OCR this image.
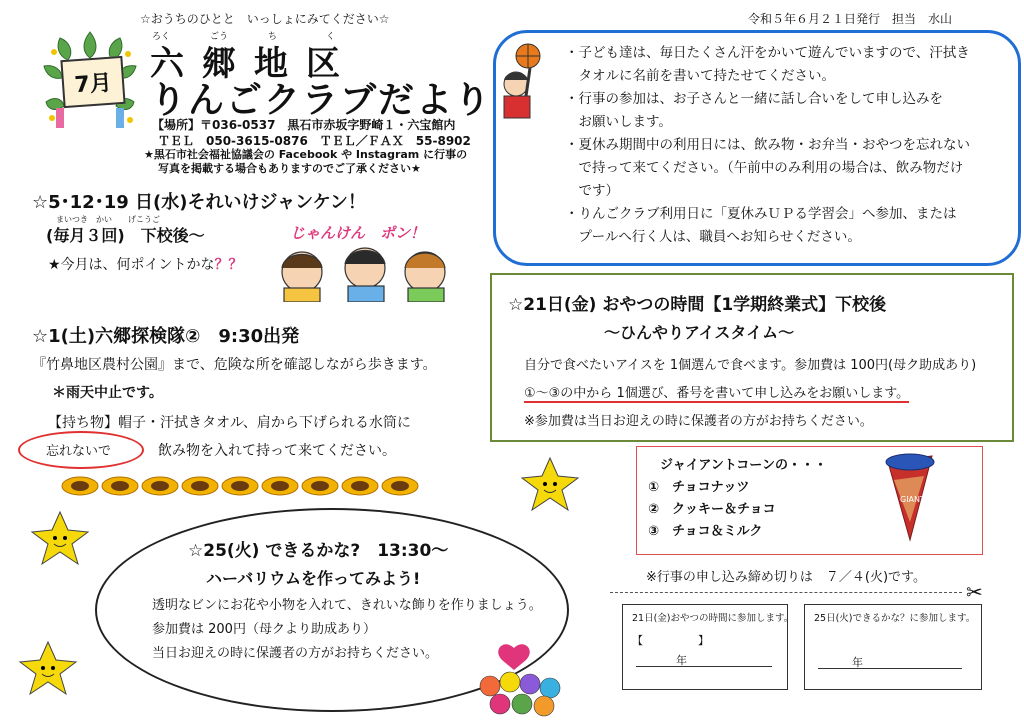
☆おうちのひとと　いっしょにみてください☆	令和５年６月２１日発行　担当　水山
7月
ろく	ごう	ち	く
六郷地区
りんごクラブだより
【場所】〒036-0537　黒石市赤坂字野崎１・六宝館内
ＴＥＬ　050-3615-0876　ＴＥＬ／ＦＡＸ　55-8902
★黒石市社会福祉協議会の Facebook や Instagram に行事の
写真を掲載する場合もありますのでご了承ください★
・子ども達は、毎日たくさん汗をかいて遊んでいますので、汗拭き
　タオルに名前を書いて持たせてください。
・行事の参加は、お子さんと一緒に話し合いをして申し込みを
　お願いします。
・夏休み期間中の利用日には、飲み物・お弁当・おやつを忘れない
　で持って来てください。（午前中のみ利用の場合は、飲み物だけ
　です）
・りんごクラブ利用日に「夏休みＵＰる学習会」へ参加、または
　プールへ行く人は、職員へお知らせください。
☆5･12･19 日(水)それいけジャンケン！
まいつき　かい　　げこうご
(毎月３回)　下校後～
★今月は、何ポイントかな？？
じゃんけん　ポン！
☆1(土)六郷探検隊②　9:30出発
『竹鼻地区農村公園』まで、危険な所を確認しながら歩きます。
＊雨天中止です。
【持ち物】帽子・汗拭きタオル、肩から下げられる水筒に
忘れないで	飲み物を入れて持って来てください。
☆21日(金) おやつの時間【1学期終業式】下校後
～ひんやりアイスタイム～
自分で食べたいアイスを 1個選んで食べます。参加費は 100円(母ク助成あり)
①～③の中から 1個選び、番号を書いて申し込みをお願いします。
※参加費は当日お迎えの時に保護者の方がお持ちください。
ジャイアントコーンの・・・
①　チョコナッツ
②　クッキー＆チョコ
③　チョコ＆ミルク
GIANT
☆25(火) できるかな?　13:30～
ハーバリウムを作ってみよう!
透明なビンにお花や小物を入れて、きれいな飾りを作りましょう。
参加費は 200円（母クより助成あり）
当日お迎えの時に保護者の方がお持ちください。
※行事の申し込み締め切りは　７／４(火)です。
✂
21日(金)おやつの時間に参加します。
【　　　　　】
年
25日(火)できるかな？に参加します。
年
